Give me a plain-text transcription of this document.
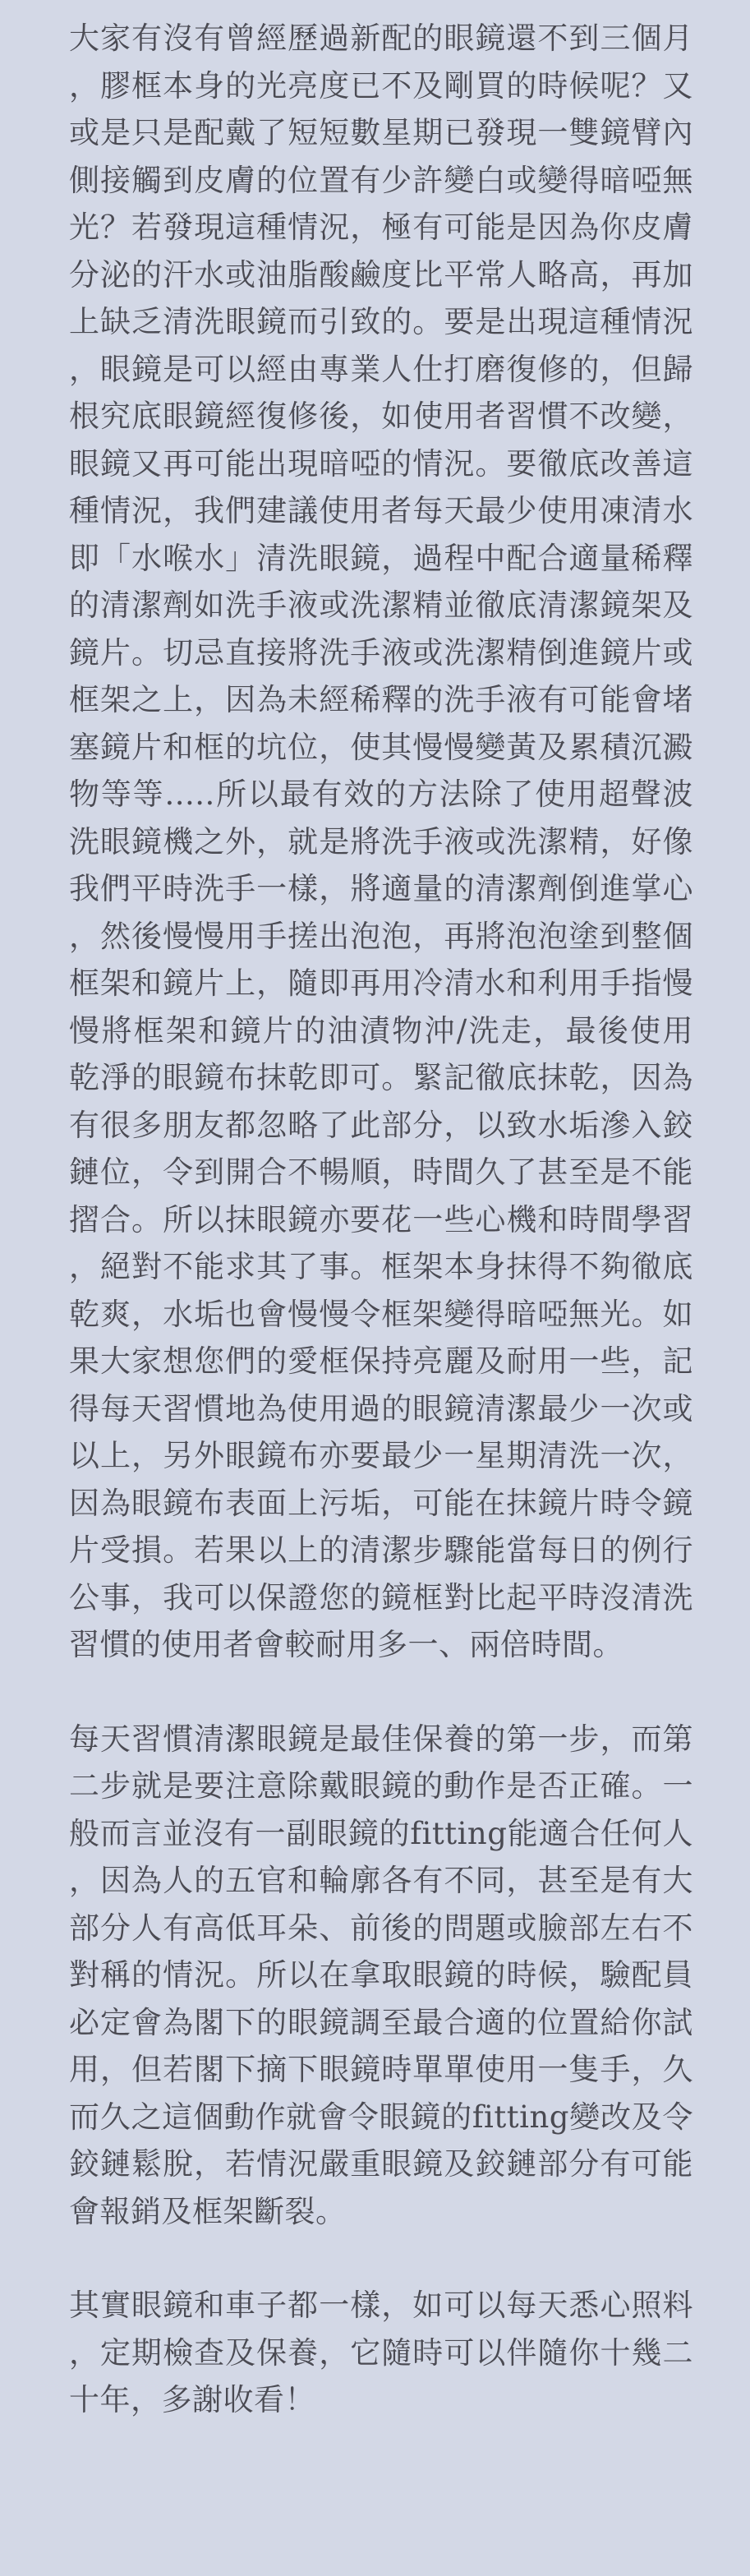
大家有沒有曾經歷過新配的眼鏡還不到三個月，膠框本身的光亮度已不及剛買的時候呢？又或是只是配戴了短短數星期已發現一雙鏡臂內側接觸到皮膚的位置有少許變白或變得暗啞無光？若發現這種情況，極有可能是因為你皮膚分泌的汗水或油脂酸鹼度比平常人略高，再加上缺乏清洗眼鏡而引致的。要是出現這種情況，眼鏡是可以經由專業人仕打磨復修的，但歸根究底眼鏡經復修後，如使用者習慣不改變，眼鏡又再可能出現暗啞的情況。要徹底改善這種情況，我們建議使用者每天最少使用凍清水即「水喉水」清洗眼鏡，過程中配合適量稀釋的清潔劑如洗手液或洗潔精並徹底清潔鏡架及鏡片。切忌直接將洗手液或洗潔精倒進鏡片或框架之上，因為未經稀釋的洗手液有可能會堵塞鏡片和框的坑位，使其慢慢變黃及累積沉澱物等等.....所以最有效的方法除了使用超聲波洗眼鏡機之外，就是將洗手液或洗潔精，好像我們平時洗手一樣，將適量的清潔劑倒進掌心，然後慢慢用手搓出泡泡，再將泡泡塗到整個框架和鏡片上，隨即再用冷清水和利用手指慢慢將框架和鏡片的油漬物沖/洗走，最後使用乾淨的眼鏡布抹乾即可。緊記徹底抹乾，因為有很多朋友都忽略了此部分，以致水垢滲入鉸鏈位，令到開合不暢順，時間久了甚至是不能摺合。所以抹眼鏡亦要花一些心機和時間學習，絕對不能求其了事。框架本身抹得不夠徹底乾爽，水垢也會慢慢令框架變得暗啞無光。如果大家想您們的愛框保持亮麗及耐用一些，記得每天習慣地為使用過的眼鏡清潔最少一次或以上，另外眼鏡布亦要最少一星期清洗一次，因為眼鏡布表面上污垢，可能在抹鏡片時令鏡片受損。若果以上的清潔步驟能當每日的例行公事，我可以保證您的鏡框對比起平時沒清洗習慣的使用者會較耐用多一、兩倍時間。

每天習慣清潔眼鏡是最佳保養的第一步，而第二步就是要注意除戴眼鏡的動作是否正確。一般而言並沒有一副眼鏡的fitting能適合任何人，因為人的五官和輪廓各有不同，甚至是有大部分人有高低耳朵、前後的問題或臉部左右不對稱的情況。所以在拿取眼鏡的時候，驗配員必定會為閣下的眼鏡調至最合適的位置給你試用，但若閣下摘下眼鏡時單單使用一隻手，久而久之這個動作就會令眼鏡的fitting變改及令鉸鏈鬆脫，若情況嚴重眼鏡及鉸鏈部分有可能會報銷及框架斷裂。

其實眼鏡和車子都一樣，如可以每天悉心照料，定期檢查及保養，它隨時可以伴隨你十幾二十年，多謝收看！
